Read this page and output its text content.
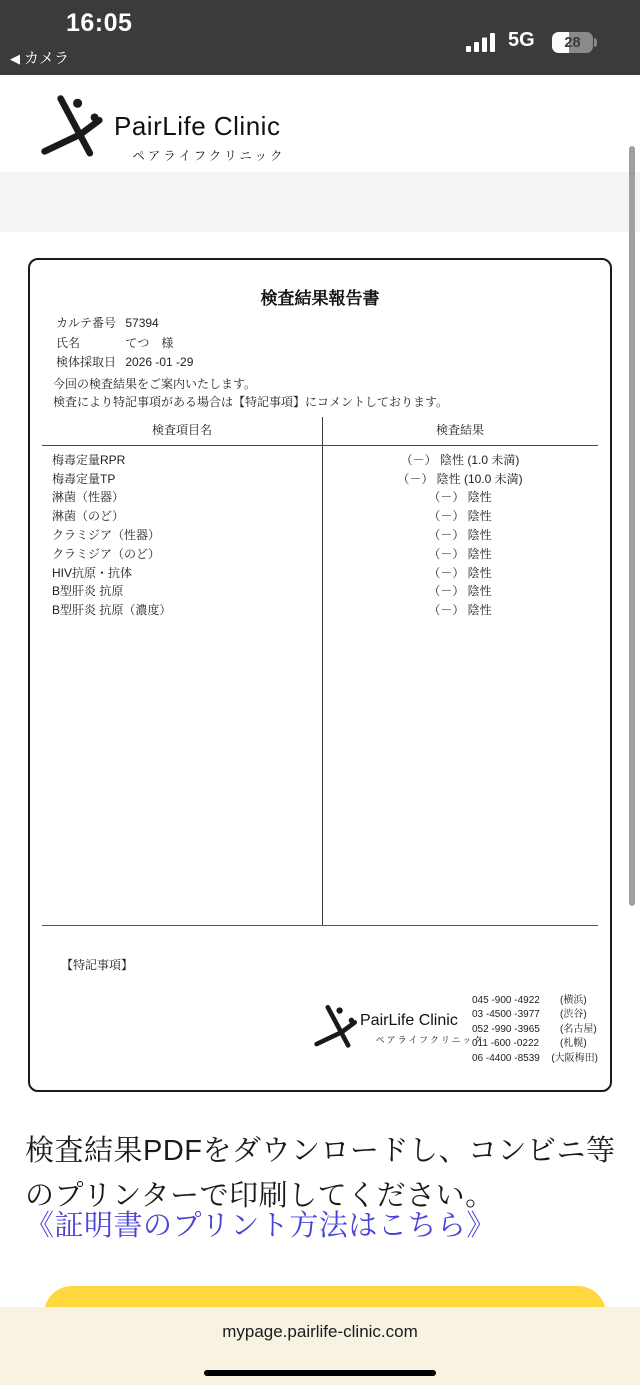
16:05
◀ カメラ
5G	28
PairLife Clinic
ペアライフクリニック
検査結果報告書
カルテ番号 57394
氏名	てつ　様
検体採取日 2026 -01 -29
今回の検査結果をご案内いたします。
検査により特記事項がある場合は【特記事項】にコメントしております。
検査項目名	検査結果
梅毒定量RPR	（－） 陰性 (1.0 未満)
梅毒定量TP	（－） 陰性 (10.0 未満)
淋菌（性器）	（－） 陰性
淋菌（のど）	（－） 陰性
クラミジア（性器）	（－） 陰性
クラミジア（のど）	（－） 陰性
HIV抗原・抗体	（－） 陰性
B型肝炎 抗原	（－） 陰性
B型肝炎 抗原（濃度）	（－） 陰性
【特記事項】
PairLife Clinic
ペアライフクリニック
045 -900 -4922	(横浜)
03 -4500 -3977	(渋谷)
052 -990 -3965	(名古屋)
011 -600 -0222	(札幌)
06 -4400 -8539	(大阪梅田)
検査結果PDFをダウンロードし、コンビニ等のプリンターで印刷してください。
《証明書のプリント方法はこちら》
mypage.pairlife-clinic.com
